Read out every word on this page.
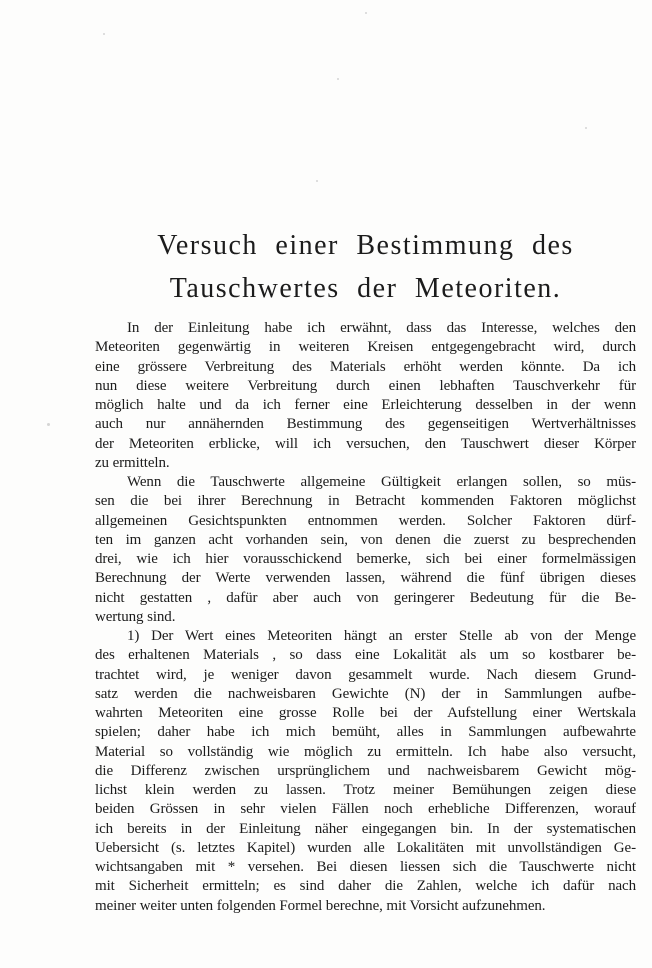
Versuch einer Bestimmung des
Tauschwertes der Meteoriten.
In der Einleitung habe ich erwähnt, dass das Interesse, welches den
Meteoriten gegenwärtig in weiteren Kreisen entgegengebracht wird, durch
eine grössere Verbreitung des Materials erhöht werden könnte. Da ich
nun diese weitere Verbreitung durch einen lebhaften Tauschverkehr für
möglich halte und da ich ferner eine Erleichterung desselben in der wenn
auch nur annähernden Bestimmung des gegenseitigen Wertverhältnisses
der Meteoriten erblicke, will ich versuchen, den Tauschwert dieser Körper
zu ermitteln.
Wenn die Tauschwerte allgemeine Gültigkeit erlangen sollen, so müs-
sen die bei ihrer Berechnung in Betracht kommenden Faktoren möglichst
allgemeinen Gesichtspunkten entnommen werden. Solcher Faktoren dürf-
ten im ganzen acht vorhanden sein, von denen die zuerst zu besprechenden
drei, wie ich hier vorausschickend bemerke, sich bei einer formelmässigen
Berechnung der Werte verwenden lassen, während die fünf übrigen dieses
nicht gestatten , dafür aber auch von geringerer Bedeutung für die Be-
wertung sind.
1) Der Wert eines Meteoriten hängt an erster Stelle ab von der Menge
des erhaltenen Materials , so dass eine Lokalität als um so kostbarer be-
trachtet wird, je weniger davon gesammelt wurde. Nach diesem Grund-
satz werden die nachweisbaren Gewichte (N) der in Sammlungen aufbe-
wahrten Meteoriten eine grosse Rolle bei der Aufstellung einer Wertskala
spielen; daher habe ich mich bemüht, alles in Sammlungen aufbewahrte
Material so vollständig wie möglich zu ermitteln. Ich habe also versucht,
die Differenz zwischen ursprünglichem und nachweisbarem Gewicht mög-
lichst klein werden zu lassen. Trotz meiner Bemühungen zeigen diese
beiden Grössen in sehr vielen Fällen noch erhebliche Differenzen, worauf
ich bereits in der Einleitung näher eingegangen bin. In der systematischen
Uebersicht (s. letztes Kapitel) wurden alle Lokalitäten mit unvollständigen Ge-
wichtsangaben mit * versehen. Bei diesen liessen sich die Tauschwerte nicht
mit Sicherheit ermitteln; es sind daher die Zahlen, welche ich dafür nach
meiner weiter unten folgenden Formel berechne, mit Vorsicht aufzunehmen.
